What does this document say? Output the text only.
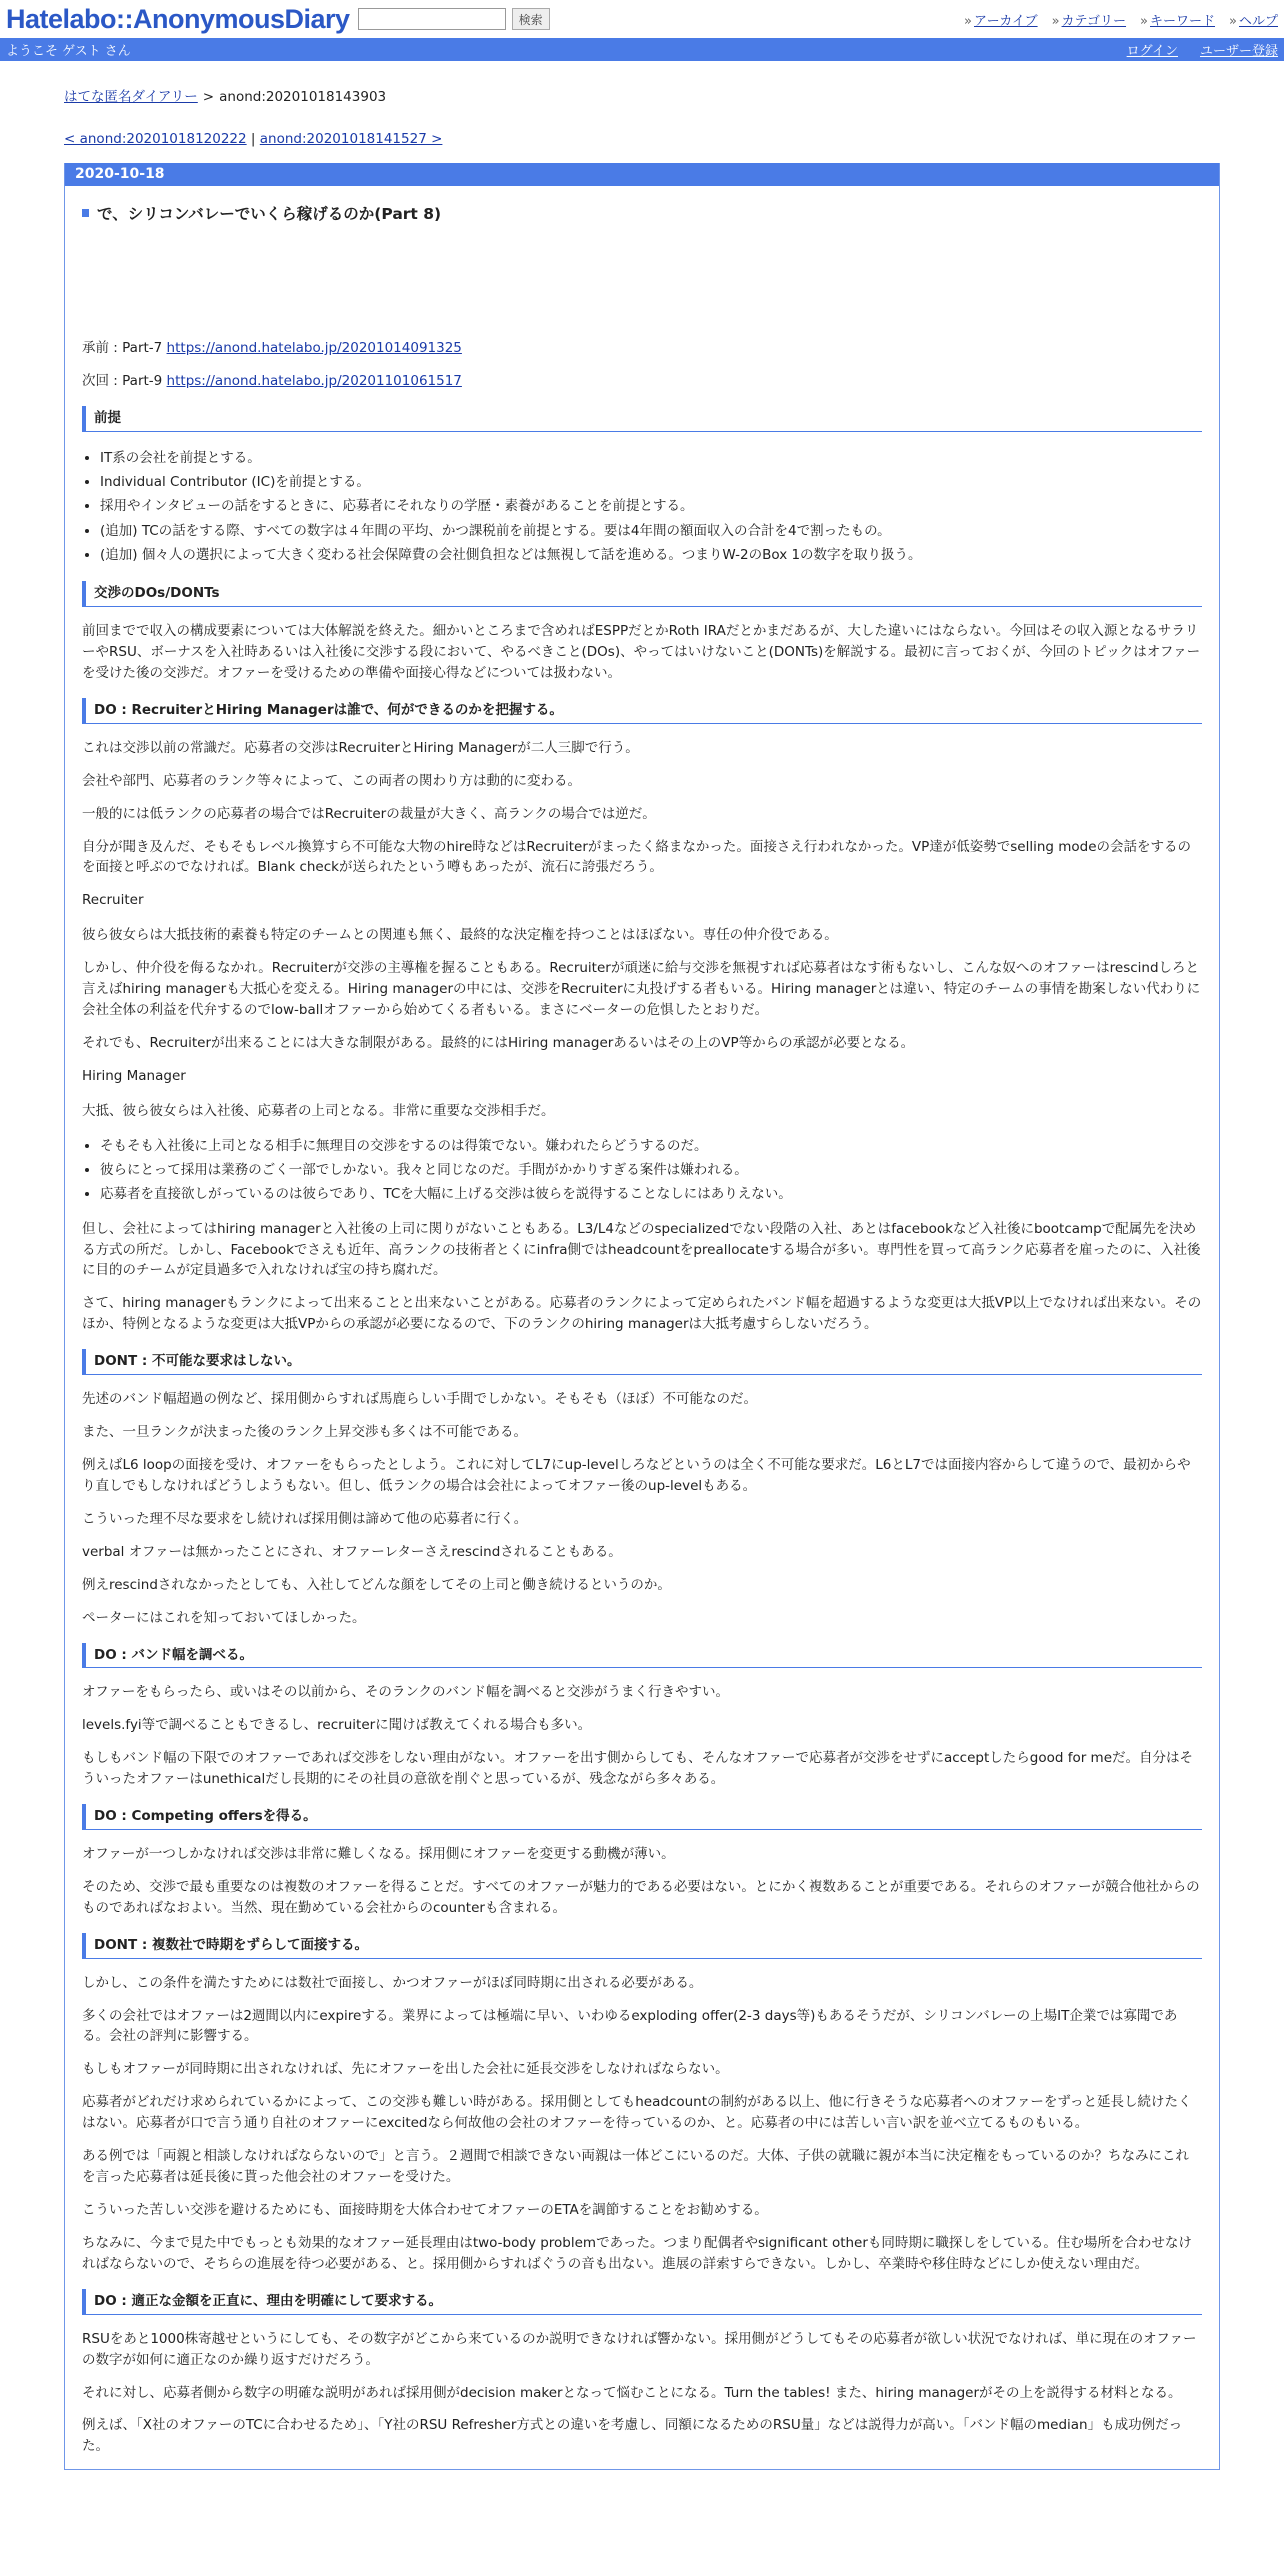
Hatelabo::AnonymousDiary	検索	» アーカイブ	» カテゴリー	» キーワード	» ヘルプ
ようこそ ゲスト さん	ログイン ユーザー登録
はてな匿名ダイアリー > anond:20201018143903
< anond:20201018120222 | anond:20201018141527 >
2020-10-18
で、シリコンバレーでいくら稼げるのか(Part 8)

承前 : Part-7 https://anond.hatelabo.jp/20201014091325

次回 : Part-9 https://anond.hatelabo.jp/20201101061517

前提
• IT系の会社を前提とする。
• Individual Contributor (IC)を前提とする。
• 採用やインタビューの話をするときに、応募者にそれなりの学歴・素養があることを前提とする。
• (追加) TCの話をする際、すべての数字は４年間の平均、かつ課税前を前提とする。要は4年間の額面収入の合計を4で割ったもの。
• (追加) 個々人の選択によって大きく変わる社会保障費の会社側負担などは無視して話を進める。つまりW-2のBox 1の数字を取り扱う。
交渉のDOs/DONTs

前回までで収入の構成要素については大体解説を終えた。細かいところまで含めればESPPだとかRoth IRAだとかまだあるが、大した違いにはならない。今回はその収入源となるサラリーやRSU、ボーナスを入社時あるいは入社後に交渉する段において、やるべきこと(DOs)、やってはいけないこと(DONTs)を解説する。最初に言っておくが、今回のトピックはオファーを受けた後の交渉だ。オファーを受けるための準備や面接心得などについては扱わない。

DO : RecruiterとHiring Managerは誰で、何ができるのかを把握する。

これは交渉以前の常識だ。応募者の交渉はRecruiterとHiring Managerが二人三脚で行う。

会社や部門、応募者のランク等々によって、この両者の関わり方は動的に変わる。

一般的には低ランクの応募者の場合ではRecruiterの裁量が大きく、高ランクの場合では逆だ。

自分が聞き及んだ、そもそもレベル換算すら不可能な大物のhire時などはRecruiterがまったく絡まなかった。面接さえ行われなかった。VP達が低姿勢でselling modeの会話をするのを面接と呼ぶのでなければ。Blank checkが送られたという噂もあったが、流石に誇張だろう。

Recruiter

彼ら彼女らは大抵技術的素養も特定のチームとの関連も無く、最終的な決定権を持つことはほぼない。専任の仲介役である。

しかし、仲介役を侮るなかれ。Recruiterが交渉の主導権を握ることもある。Recruiterが頑迷に給与交渉を無視すれば応募者はなす術もないし、こんな奴へのオファーはrescindしろと言えばhiring managerも大抵心を変える。Hiring managerの中には、交渉をRecruiterに丸投げする者もいる。Hiring managerとは違い、特定のチームの事情を勘案しない代わりに会社全体の利益を代弁するのでlow-ballオファーから始めてくる者もいる。まさにベーターの危惧したとおりだ。

それでも、Recruiterが出来ることには大きな制限がある。最終的にはHiring managerあるいはその上のVP等からの承認が必要となる。

Hiring Manager

大抵、彼ら彼女らは入社後、応募者の上司となる。非常に重要な交渉相手だ。

• そもそも入社後に上司となる相手に無理目の交渉をするのは得策でない。嫌われたらどうするのだ。
• 彼らにとって採用は業務のごく一部でしかない。我々と同じなのだ。手間がかかりすぎる案件は嫌われる。
• 応募者を直接欲しがっているのは彼らであり、TCを大幅に上げる交渉は彼らを説得することなしにはありえない。

但し、会社によってはhiring managerと入社後の上司に関りがないこともある。L3/L4などのspecializedでない段階の入社、あとはfacebookなど入社後にbootcampで配属先を決める方式の所だ。しかし、Facebookでさえも近年、高ランクの技術者とくにinfra側ではheadcountをpreallocateする場合が多い。専門性を買って高ランク応募者を雇ったのに、入社後に目的のチームが定員過多で入れなければ宝の持ち腐れだ。

さて、hiring managerもランクによって出来ることと出来ないことがある。応募者のランクによって定められたバンド幅を超過するような変更は大抵VP以上でなければ出来ない。そのほか、特例となるような変更は大抵VPからの承認が必要になるので、下のランクのhiring managerは大抵考慮すらしないだろう。

DONT : 不可能な要求はしない。

先述のバンド幅超過の例など、採用側からすれば馬鹿らしい手間でしかない。そもそも（ほぼ）不可能なのだ。

また、一旦ランクが決まった後のランク上昇交渉も多くは不可能である。

例えばL6 loopの面接を受け、オファーをもらったとしよう。これに対してL7にup-levelしろなどというのは全く不可能な要求だ。L6とL7では面接内容からして違うので、最初からやり直しでもしなければどうしようもない。但し、低ランクの場合は会社によってオファー後のup-levelもある。

こういった理不尽な要求をし続ければ採用側は諦めて他の応募者に行く。

verbal オファーは無かったことにされ、オファーレターさえrescindされることもある。

例えrescindされなかったとしても、入社してどんな顔をしてその上司と働き続けるというのか。

ペーターにはこれを知っておいてほしかった。

DO : バンド幅を調べる。

オファーをもらったら、或いはその以前から、そのランクのバンド幅を調べると交渉がうまく行きやすい。

levels.fyi等で調べることもできるし、recruiterに聞けば教えてくれる場合も多い。

もしもバンド幅の下限でのオファーであれば交渉をしない理由がない。オファーを出す側からしても、そんなオファーで応募者が交渉をせずにacceptしたらgood for meだ。自分はそういったオファーはunethicalだし長期的にその社員の意欲を削ぐと思っているが、残念ながら多々ある。

DO : Competing offersを得る。

オファーが一つしかなければ交渉は非常に難しくなる。採用側にオファーを変更する動機が薄い。

そのため、交渉で最も重要なのは複数のオファーを得ることだ。すべてのオファーが魅力的である必要はない。とにかく複数あることが重要である。それらのオファーが競合他社からのものであればなおよい。当然、現在勤めている会社からのcounterも含まれる。

DONT : 複数社で時期をずらして面接する。

しかし、この条件を満たすためには数社で面接し、かつオファーがほぼ同時期に出される必要がある。

多くの会社ではオファーは2週間以内にexpireする。業界によっては極端に早い、いわゆるexploding offer(2-3 days等)もあるそうだが、シリコンバレーの上場IT企業では寡聞である。会社の評判に影響する。

もしもオファーが同時期に出されなければ、先にオファーを出した会社に延長交渉をしなければならない。

応募者がどれだけ求められているかによって、この交渉も難しい時がある。採用側としてもheadcountの制約がある以上、他に行きそうな応募者へのオファーをずっと延長し続けたくはない。応募者が口で言う通り自社のオファーにexcitedなら何故他の会社のオファーを待っているのか、と。応募者の中には苦しい言い訳を並べ立てるものもいる。

ある例では「両親と相談しなければならないので」と言う。２週間で相談できない両親は一体どこにいるのだ。大体、子供の就職に親が本当に決定権をもっているのか？ちなみにこれを言った応募者は延長後に貰った他会社のオファーを受けた。

こういった苦しい交渉を避けるためにも、面接時期を大体合わせてオファーのETAを調節することをお勧めする。

ちなみに、今まで見た中でもっとも効果的なオファー延長理由はtwo-body problemであった。つまり配偶者やsignificant otherも同時期に職探しをしている。住む場所を合わせなければならないので、そちらの進展を待つ必要がある、と。採用側からすればぐうの音も出ない。進展の詳索すらできない。しかし、卒業時や移住時などにしか使えない理由だ。

DO : 適正な金額を正直に、理由を明確にして要求する。

RSUをあと1000株寄越せというにしても、その数字がどこから来ているのか説明できなければ響かない。採用側がどうしてもその応募者が欲しい状況でなければ、単に現在のオファーの数字が如何に適正なのか繰り返すだけだろう。

それに対し、応募者側から数字の明確な説明があれば採用側がdecision makerとなって悩むことになる。Turn the tables! また、hiring managerがその上を説得する材料となる。

例えば、「X社のオファーのTCに合わせるため」、「Y社のRSU Refresher方式との違いを考慮し、同額になるためのRSU量」などは説得力が高い。「バンド幅のmedian」も成功例だった。
